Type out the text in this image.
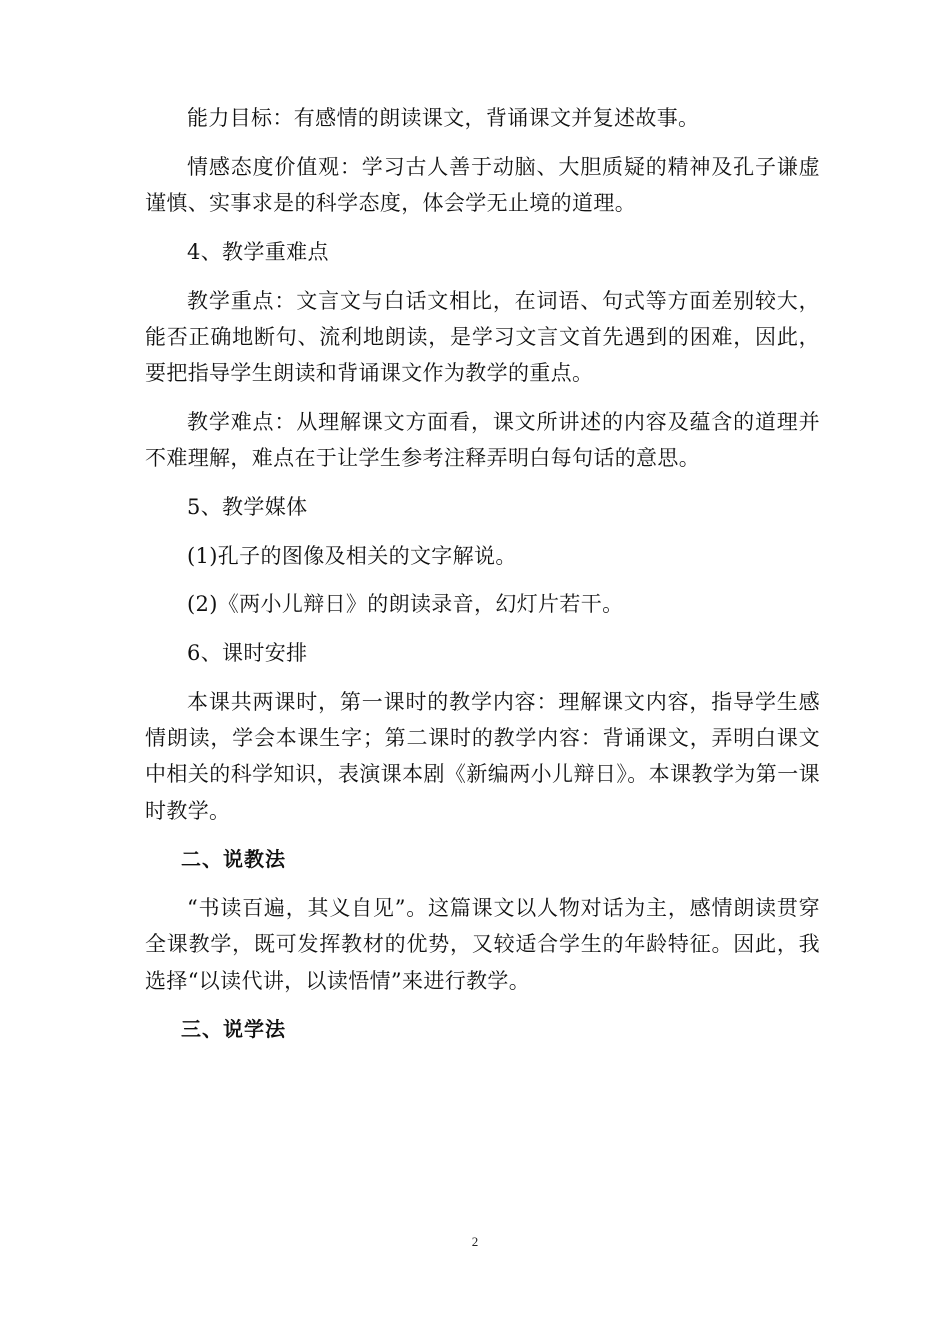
能力目标：有感情的朗读课文，背诵课文并复述故事。

情感态度价值观：学习古人善于动脑、大胆质疑的精神及孔子谦虚谨慎、实事求是的科学态度，体会学无止境的道理。

4、教学重难点

教学重点：文言文与白话文相比，在词语、句式等方面差别较大，能否正确地断句、流利地朗读，是学习文言文首先遇到的困难，因此，要把指导学生朗读和背诵课文作为教学的重点。

教学难点：从理解课文方面看，课文所讲述的内容及蕴含的道理并不难理解，难点在于让学生参考注释弄明白每句话的意思。

5、教学媒体

(1)孔子的图像及相关的文字解说。

(2)《两小儿辩日》的朗读录音，幻灯片若干。

6、课时安排

本课共两课时，第一课时的教学内容：理解课文内容，指导学生感情朗读，学会本课生字；第二课时的教学内容：背诵课文，弄明白课文中相关的科学知识，表演课本剧《新编两小儿辩日》。本课教学为第一课时教学。

二、说教法

“书读百遍，其义自见”。这篇课文以人物对话为主，感情朗读贯穿全课教学，既可发挥教材的优势，又较适合学生的年龄特征。因此，我选择“以读代讲，以读悟情”来进行教学。

三、说学法

2
